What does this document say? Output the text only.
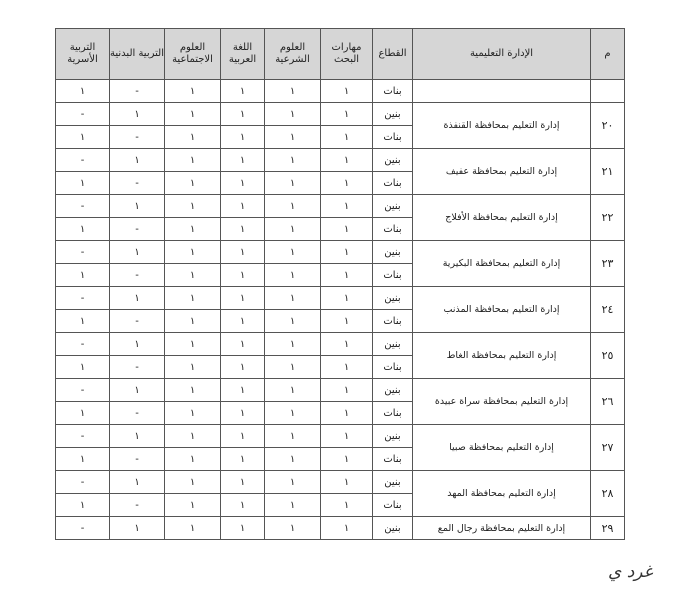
م	الإدارة التعليمية	القطاع	مهارات البحث	العلوم الشرعية	اللغة العربية	العلوم الاجتماعية	التربية البدنية	التربية الأسرية
		بنات	١	١	١	١	-	١
٢٠	إدارة التعليم بمحافظة القنفذة	بنين	١	١	١	١	١	-
		بنات	١	١	١	١	-	١
٢١	إدارة التعليم بمحافظة عفيف	بنين	١	١	١	١	١	-
		بنات	١	١	١	١	-	١
٢٢	إدارة التعليم بمحافظة الأفلاج	بنين	١	١	١	١	١	-
		بنات	١	١	١	١	-	١
٢٣	إدارة التعليم بمحافظة البكيرية	بنين	١	١	١	١	١	-
		بنات	١	١	١	١	-	١
٢٤	إدارة التعليم بمحافظة المذنب	بنين	١	١	١	١	١	-
		بنات	١	١	١	١	-	١
٢٥	إدارة التعليم بمحافظة الغاط	بنين	١	١	١	١	١	-
		بنات	١	١	١	١	-	١
٢٦	إدارة التعليم بمحافظة سراة عبيدة	بنين	١	١	١	١	١	-
		بنات	١	١	١	١	-	١
٢٧	إدارة التعليم بمحافظة صبيا	بنين	١	١	١	١	١	-
		بنات	١	١	١	١	-	١
٢٨	إدارة التعليم بمحافظة المهد	بنين	١	١	١	١	١	-
		بنات	١	١	١	١	-	١
٢٩	إدارة التعليم بمحافظة رجال المع	بنين	١	١	١	١	١	-
غرد ي
